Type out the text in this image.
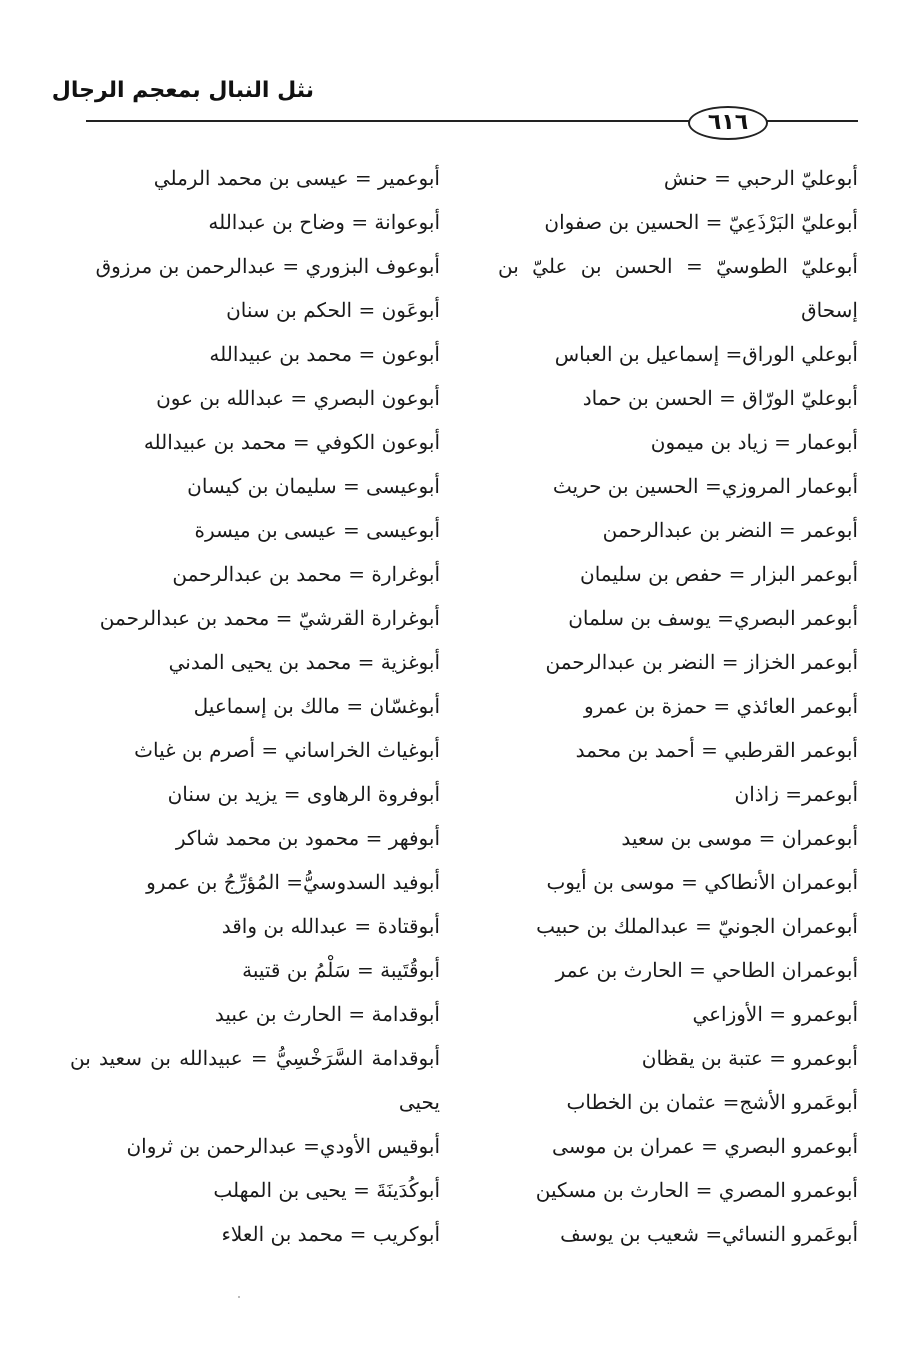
نثل النبال بمعجم الرجال
٦١٦
أبوعليّ الرحبي = حنش
أبوعليّ البَرْذَعِيّ = الحسين بن صفوان
أبوعليّ الطوسيّ = الحسن بن عليّ بن إسحاق
أبوعلي الوراق= إسماعيل بن العباس
أبوعليّ الورّاق = الحسن بن حماد
أبوعمار = زياد بن ميمون
أبوعمار المروزي= الحسين بن حريث
أبوعمر = النضر بن عبدالرحمن
أبوعمر البزار = حفص بن سليمان
أبوعمر البصري= يوسف بن سلمان
أبوعمر الخزاز = النضر بن عبدالرحمن
أبوعمر العائذي = حمزة بن عمرو
أبوعمر القرطبي = أحمد بن محمد
أبوعمر= زاذان
أبوعمران = موسى بن سعيد
أبوعمران الأنطاكي = موسى بن أيوب
أبوعمران الجونيّ = عبدالملك بن حبيب
أبوعمران الطاحي = الحارث بن عمر
أبوعمرو = الأوزاعي
أبوعمرو = عتبة بن يقظان
أبوعَمرو الأشج= عثمان بن الخطاب
أبوعمرو البصري = عمران بن موسى
أبوعمرو المصري = الحارث بن مسكين
أبوعَمرو النسائي= شعيب بن يوسف
أبوعمير = عيسى بن محمد الرملي
أبوعوانة = وضاح بن عبدالله
أبوعوف البزوري = عبدالرحمن بن مرزوق
أبوعَون = الحكم بن سنان
أبوعون = محمد بن عبيدالله
أبوعون البصري = عبدالله بن عون
أبوعون الكوفي = محمد بن عبيدالله
أبوعيسى = سليمان بن كيسان
أبوعيسى = عيسى بن ميسرة
أبوغرارة = محمد بن عبدالرحمن
أبوغرارة القرشيّ = محمد بن عبدالرحمن
أبوغزية = محمد بن يحيى المدني
أبوغسّان = مالك بن إسماعيل
أبوغياث الخراساني = أصرم بن غياث
أبوفروة الرهاوى = يزيد بن سنان
أبوفهر = محمود بن محمد شاكر
أبوفيد السدوسيُّ= المُؤرِّجُ بن عمرو
أبوقتادة = عبدالله بن واقد
أبوقُتَيبة = سَلْمُ بن قتيبة
أبوقدامة = الحارث بن عبيد
أبوقدامة السَّرَخْسِيُّ = عبيدالله بن سعيد بن يحيى
أبوقيس الأودي= عبدالرحمن بن ثروان
أبوكُدَينَةَ = يحيى بن المهلب
أبوكريب = محمد بن العلاء
